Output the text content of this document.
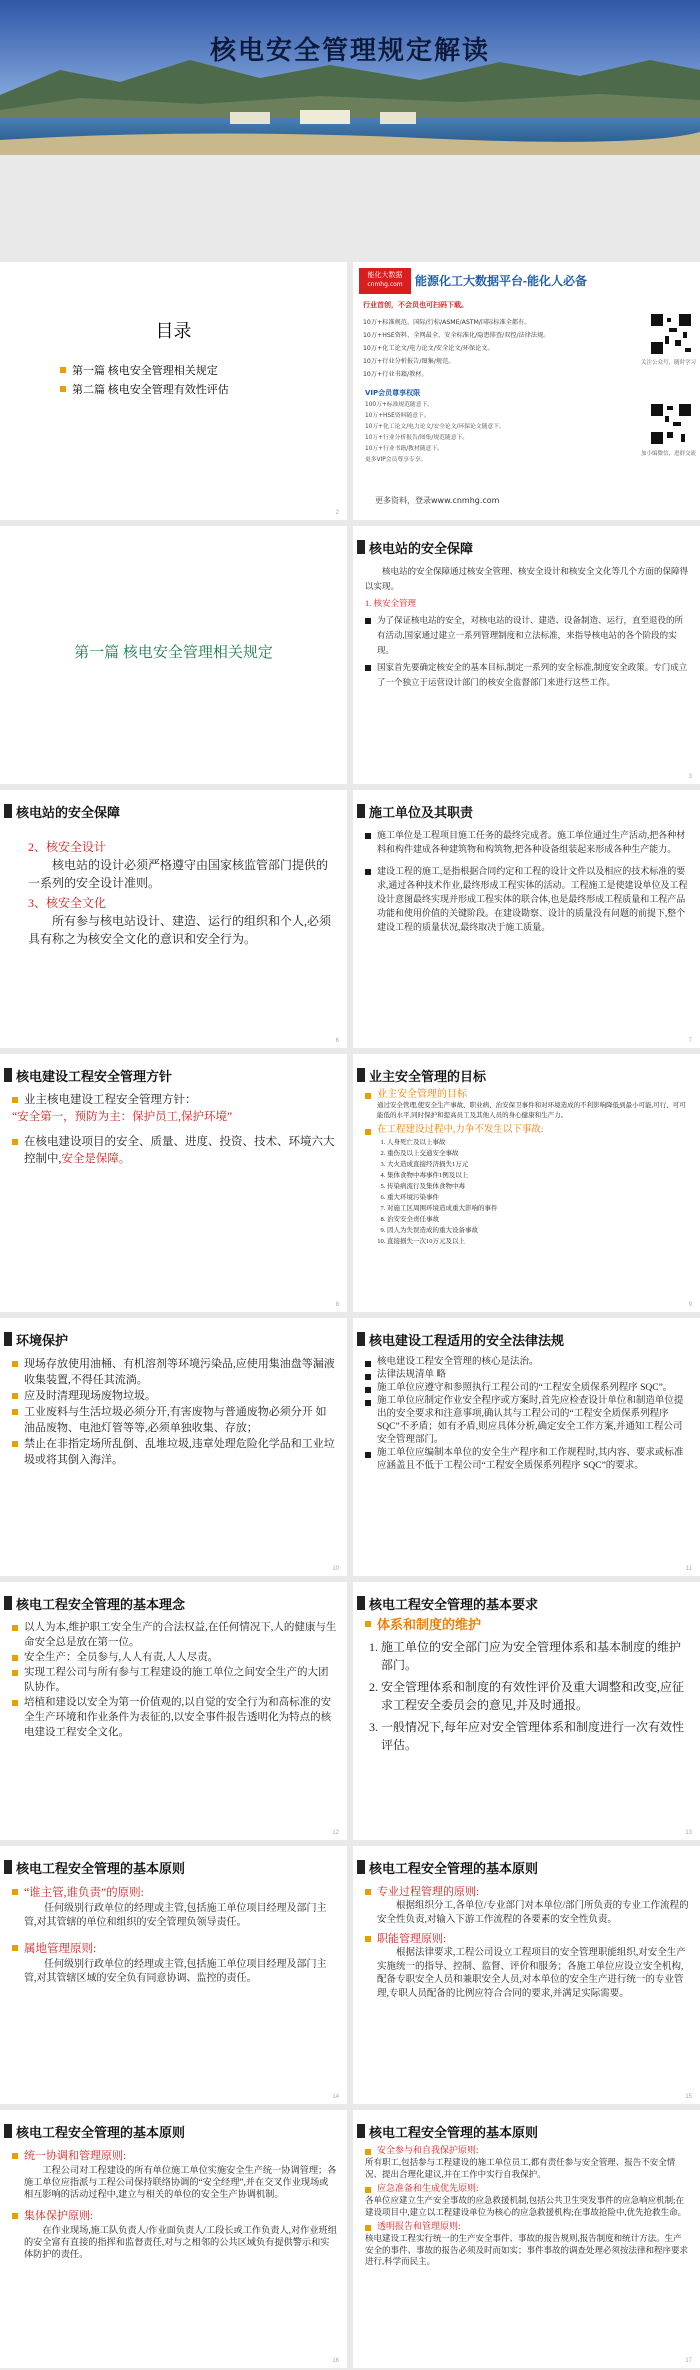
核电安全管理规定解读
目录
第一篇 核电安全管理相关规定
第二篇 核电安全管理有效性评估
2
能化大数据
cnmhg.com	能源化工大数据平台-能化人必备
行业首创，不会员也可扫码下载。
10万+标准规范、国际/行标/ASME/ASTM/国际标准全都有。
10万+HSE资料、全网最全、安全标准化/隐患排查/双控/法律法规。
10万+化工论文/电力论文/安全论文/环保论文。
10万+行业分析报告/图集/规范。
10万+行业书籍/教材。
VIP会员尊享权限
100万+标准规范随意下。
10万+HSE资料随意下。
10万+化工论文/电力论文/安全论文/环保论文随意下。
10万+行业分析报告/图集/规范随意下。
10万+行业书籍/教材随意下。
更多VIP会员尊享专享。
更多资料，登录www.cnmhg.com
关注公众号，随时学习
加小编微信，进群交流
第一篇 核电安全管理相关规定
核电站的安全保障
核电站的安全保障通过核安全管理、核安全设计和核安全文化等几个方面的保障得以实现。
1. 核安全管理
为了保证核电站的安全，对核电站的设计、建造、设备制造、运行，直至退役的所有活动,国家通过建立一系列管理制度和立法标准，来指导核电站的各个阶段的实现。
国家首先要确定核安全的基本目标,制定一系列的安全标准,制度安全政策。专门成立了一个独立于运营设计部门的核安全监督部门来进行这些工作。
3
核电站的安全保障
2、核安全设计
核电站的设计必须严格遵守由国家核监管部门提供的一系列的安全设计准则。
3、核安全文化
所有参与核电站设计、建造、运行的组织和个人,必须具有称之为核安全文化的意识和安全行为。
6
施工单位及其职责
施工单位是工程项目施工任务的最终完成者。施工单位通过生产活动,把各种材料和构件建成各种建筑物和构筑物,把各种设备组装起来形成各种生产能力。
建设工程的施工,是指根据合同约定和工程的设计文件以及相应的技术标准的要求,通过各种技术作业,最终形成工程实体的活动。工程施工是使建设单位及工程设计意图最终实现并形成工程实体的联合体,也是最终形成工程质量和工程产品功能和使用价值的关键阶段。在建设勘察、设计的质量没有问题的前提下,整个建设工程的质量状况,最终取决于施工质量。
7
核电建设工程安全管理方针
业主核电建设工程安全管理方针：
“安全第一，预防为主：保护员工,保护环境”
在核电建设项目的安全、质量、进度、投资、技术、环境六大控制中,安全是保障。
8
业主安全管理的目标
业主安全管理的目标
通过安全管理,使安全生产事故、职业病、治安保卫事件和对环境造成的不利影响降低到最小可能,可行、可可能低的水平,同时保护和提高员工及其他人员的身心健康和生产力。
在工程建设过程中,力争不发生以下事故:
1. 人身死亡及以上事故
2. 重伤及以上交通安全事故
3. 大火造成直接经济损失1万元
4. 集体食物中毒事件1例及以上
5. 传染病流行及集体食物中毒
6. 重大环境污染事件
7. 对施工区周围环境造成重大影响的事件
8. 治安安全责任事故
9. 因人为失误造成的重大设备事故
10. 直接损失一次10万元及以上
9
环境保护
现场存放使用油桶、有机溶剂等环境污染品,应使用集油盘等漏液收集装置,不得任其流淌。
应及时清理现场废物垃圾。
工业废料与生活垃圾必须分开,有害废物与普通废物必须分开 如油品废物、电池灯管等等,必须单独收集、存放；
禁止在非指定场所乱倒、乱堆垃圾,违章处理危险化学品和工业垃圾或将其倒入海洋。
10
核电建设工程适用的安全法律法规
核电建设工程安全管理的核心是法治。
法律法规清单 略
施工单位应遵守和参照执行工程公司的“工程安全质保系列程序 SQC”。
施工单位应制定作业安全程序或方案时,首先应检查设计单位和制造单位提出的安全要求和注意事项,确认其与工程公司的“工程安全质保系列程序SQC”不矛盾；如有矛盾,则应具体分析,确定安全工作方案,并通知工程公司安全管理部门。
施工单位应编制本单位的安全生产程序和工作规程时,其内容、要求或标准应涵盖且不低于工程公司“工程安全质保系列程序 SQC”的要求。
11
核电工程安全管理的基本理念
以人为本,维护职工安全生产的合法权益,在任何情况下,人的健康与生命安全总是放在第一位。
安全生产：全员参与,人人有责,人人尽责。
实现工程公司与所有参与工程建设的施工单位之间安全生产的大团队协作。
培植和建设以安全为第一价值观的,以自觉的安全行为和高标准的安全生产环境和作业条件为表征的,以安全事件报告透明化为特点的核电建设工程安全文化。
12
核电工程安全管理的基本要求
体系和制度的维护
1. 施工单位的安全部门应为安全管理体系和基本制度的维护部门。
2. 安全管理体系和制度的有效性评价及重大调整和改变,应征求工程安全委员会的意见,并及时通报。
3. 一般情况下,每年应对安全管理体系和制度进行一次有效性评估。
13
核电工程安全管理的基本原则
“谁主管,谁负责”的原则:
任何级别行政单位的经理或主管,包括施工单位项目经理及部门主管,对其管辖的单位和组织的安全管理负领导责任。
属地管理原则:
任何级别行政单位的经理或主管,包括施工单位项目经理及部门主管,对其管辖区域的安全负有同意协调、监控的责任。
14
核电工程安全管理的基本原则
专业过程管理的原则:
根据组织分工,各单位/专业部门对本单位/部门所负责的专业工作流程的安全性负责,对输入下游工作流程的各要素的安全性负责。
职能管理原则:
根据法律要求,工程公司设立工程项目的安全管理职能组织,对安全生产实施统一的指导、控制、监督、评价和服务；各施工单位应设立安全机构,配备专职安全人员和兼职安全人员,对本单位的安全生产进行统一的专业管理,专职人员配备的比例应符合合同的要求,并满足实际需要。
15
核电工程安全管理的基本原则
统一协调和管理原则:
工程公司对工程建设的所有单位施工单位实施安全生产统一协调管理；各施工单位应指派与工程公司保持联络协调的“安全经理”,并在交叉作业现场或相互影响的活动过程中,建立与相关的单位的安全生产协调机制。
集体保护原则:
在作业现场,施工队负责人/作业面负责人/工段长或工作负责人,对作业班组的安全富有直接的指挥和监督责任,对与之相邻的公共区域负有提供警示和实体防护的责任。
16
核电工程安全管理的基本原则
安全参与和自我保护原则:
所有职工,包括参与工程建设的施工单位员工,都有责任参与安全管理、报告不安全情况、提出合理化建议,并在工作中实行自我保护。
应急准备和生成优先原则:
各单位应建立生产安全事故的应急救援机制,包括公共卫生突发事件的应急响应机制;在建设项目中,建立以工程建设单位为核心的应急救援机构;在事故抢险中,优先抢救生命。
透明报告和管理原则:
核电建设工程实行统一的生产安全事件、事故的报告规则,报告制度和统计方法。生产安全的事件、事故的报告必须及时而如实；事件事故的调查处理必须按法律和程序要求进行,科学而民主。
17
